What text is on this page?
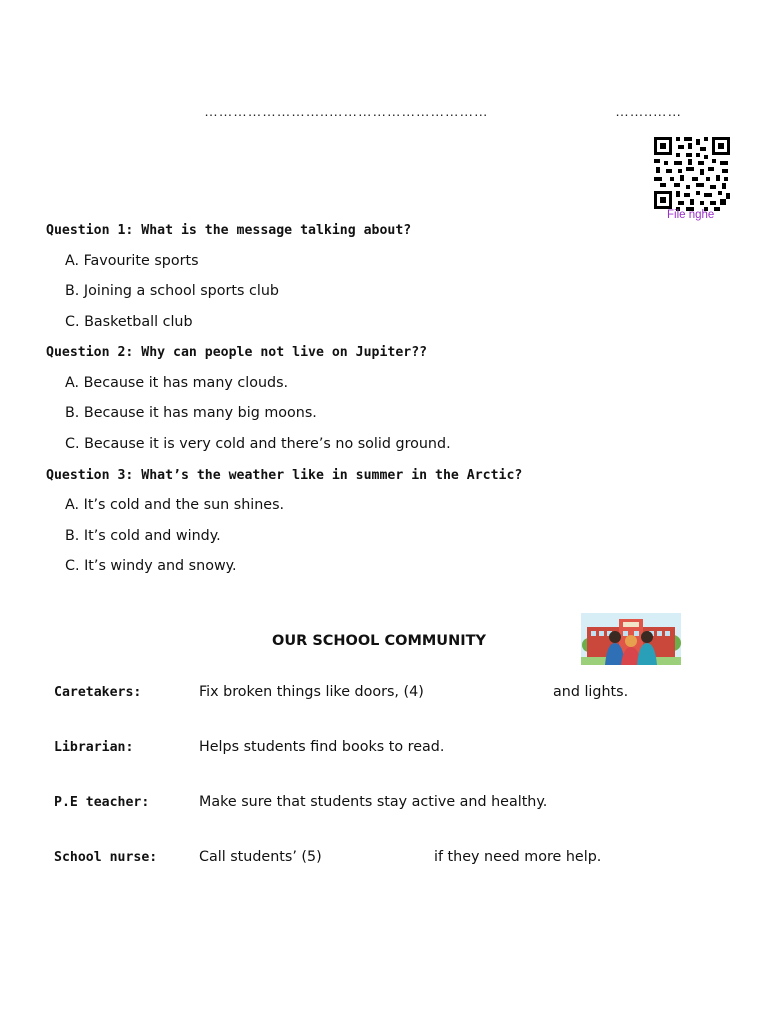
……………………..……………………………	……..……
File nghe
Question 1: What is the message talking about?
A. Favourite sports
B. Joining a school sports club
C. Basketball club
Question 2: Why can people not live on Jupiter??
A. Because it has many clouds.
B. Because it has many big moons.
C. Because it is very cold and there’s no solid ground.
Question 3: What’s the weather like in summer in the Arctic?
A. It’s cold and the sun shines.
B. It’s cold and windy.
C. It’s windy and snowy.
OUR SCHOOL COMMUNITY
Caretakers:	Fix broken things like doors, (4)	and lights.
Librarian:	Helps students find books to read.
P.E teacher:	Make sure that students stay active and healthy.
School nurse:	Call students’ (5)	if they need more help.
